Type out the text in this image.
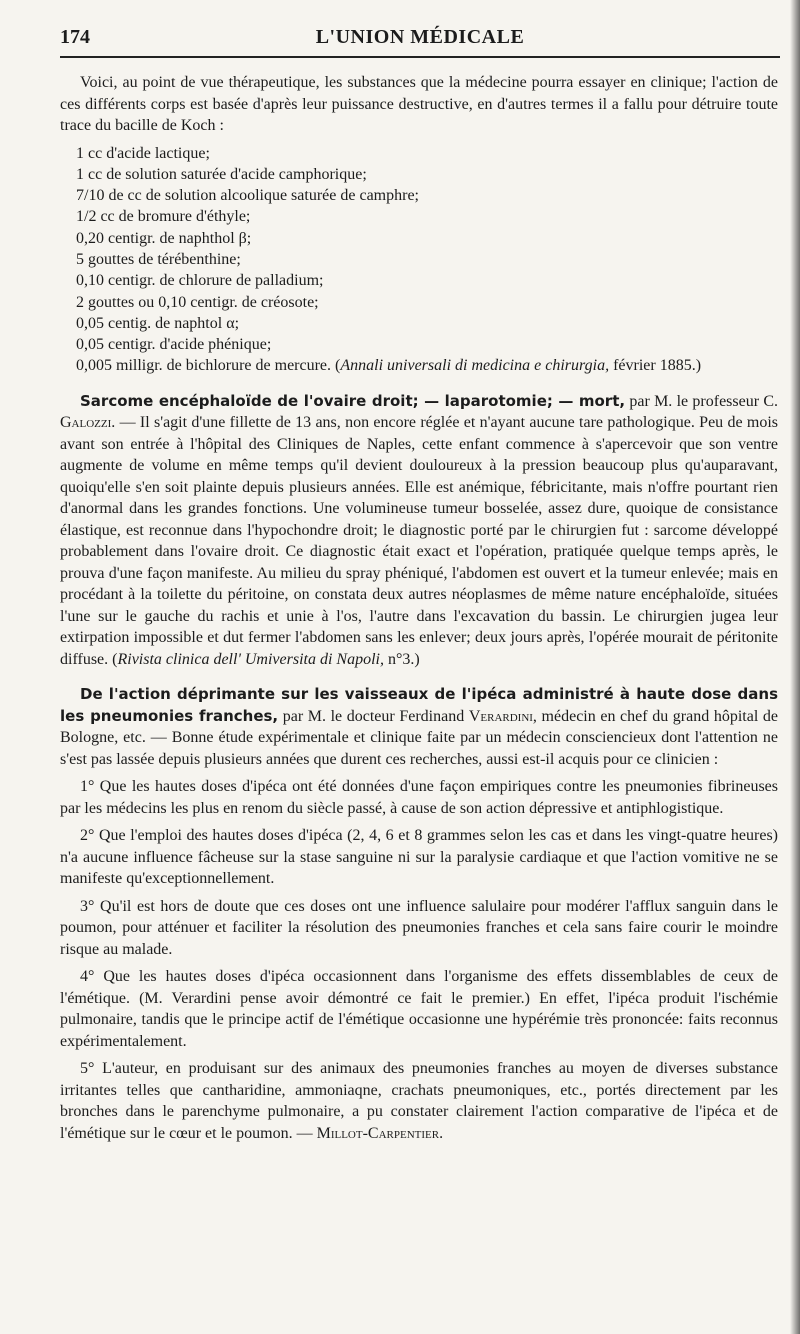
174	L'UNION MÉDICALE

Voici, au point de vue thérapeutique, les substances que la médecine pourra essayer en clinique; l'action de ces différents corps est basée d'après leur puissance destructive, en d'autres termes il a fallu pour détruire toute trace du bacille de Koch :

1 cc d'acide lactique;
1 cc de solution saturée d'acide camphorique;
7/10 de cc de solution alcoolique saturée de camphre;
1/2 cc de bromure d'éthyle;
0,20 centigr. de naphthol β;
5 gouttes de térébenthine;
0,10 centigr. de chlorure de palladium;
2 gouttes ou 0,10 centigr. de créosote;
0,05 centig. de naphtol α;
0,05 centigr. d'acide phénique;

0,005 milligr. de bichlorure de mercure. (Annali universali di medicina e chirurgia, février 1885.)

Sarcome encéphaloïde de l'ovaire droit; — laparotomie; — mort, par M. le professeur C. Galozzi. — Il s'agit d'une fillette de 13 ans, non encore réglée et n'ayant aucune tare pathologique. Peu de mois avant son entrée à l'hôpital des Cliniques de Naples, cette enfant commence à s'apercevoir que son ventre augmente de volume en même temps qu'il devient douloureux à la pression beaucoup plus qu'auparavant, quoiqu'elle s'en soit plainte depuis plusieurs années. Elle est anémique, fébricitante, mais n'offre pourtant rien d'anormal dans les grandes fonctions. Une volumineuse tumeur bosselée, assez dure, quoique de consistance élastique, est reconnue dans l'hypochondre droit; le diagnostic porté par le chirurgien fut : sarcome développé probablement dans l'ovaire droit. Ce diagnostic était exact et l'opération, pratiquée quelque temps après, le prouva d'une façon manifeste. Au milieu du spray phéniqué, l'abdomen est ouvert et la tumeur enlevée; mais en procédant à la toilette du péritoine, on constata deux autres néoplasmes de même nature encéphaloïde, situées l'une sur le gauche du rachis et unie à l'os, l'autre dans l'excavation du bassin. Le chirurgien jugea leur extirpation impossible et dut fermer l'abdomen sans les enlever; deux jours après, l'opérée mourait de péritonite diffuse. (Rivista clinica dell' Umiversita di Napoli, n°3.)

De l'action déprimante sur les vaisseaux de l'ipéca administré à haute dose dans les pneumonies franches, par M. le docteur Ferdinand Verardini, médecin en chef du grand hôpital de Bologne, etc. — Bonne étude expérimentale et clinique faite par un médecin consciencieux dont l'attention ne s'est pas lassée depuis plusieurs années que durent ces recherches, aussi est-il acquis pour ce clinicien :

1° Que les hautes doses d'ipéca ont été données d'une façon empiriques contre les pneumonies fibrineuses par les médecins les plus en renom du siècle passé, à cause de son action dépressive et antiphlogistique.

2° Que l'emploi des hautes doses d'ipéca (2, 4, 6 et 8 grammes selon les cas et dans les vingt-quatre heures) n'a aucune influence fâcheuse sur la stase sanguine ni sur la paralysie cardiaque et que l'action vomitive ne se manifeste qu'exceptionnellement.

3° Qu'il est hors de doute que ces doses ont une influence salulaire pour modérer l'afflux sanguin dans le poumon, pour atténuer et faciliter la résolution des pneumonies franches et cela sans faire courir le moindre risque au malade.

4° Que les hautes doses d'ipéca occasionnent dans l'organisme des effets dissemblables de ceux de l'émétique. (M. Verardini pense avoir démontré ce fait le premier.) En effet, l'ipéca produit l'ischémie pulmonaire, tandis que le principe actif de l'émétique occasionne une hypérémie très prononcée: faits reconnus expérimentalement.

5° L'auteur, en produisant sur des animaux des pneumonies franches au moyen de diverses substance irritantes telles que cantharidine, ammoniaqne, crachats pneumoniques, etc., portés directement par les bronches dans le parenchyme pulmonaire, a pu constater clairement l'action comparative de l'ipéca et de l'émétique sur le cœur et le poumon. — Millot-Carpentier.
